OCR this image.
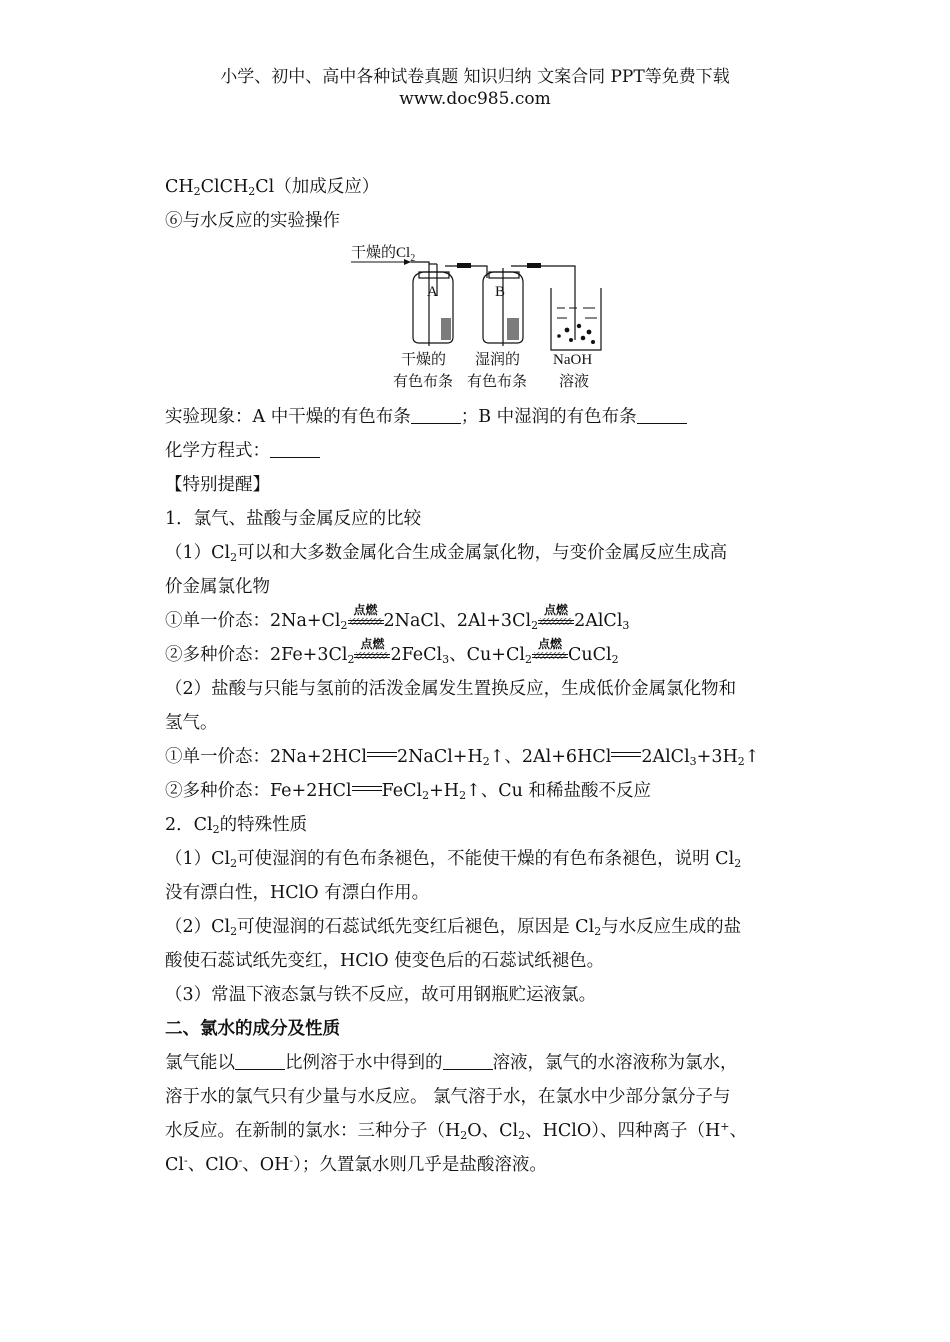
小学、初中、高中各种试卷真题 知识归纳 文案合同 PPT等免费下载
www.doc985.com
$CH_2ClCH_2Cl$（加成反应）
⑥与水反应的实验操作
干燥的$Cl_2$
A	B
干燥的
有色布条
湿润的
有色布条
NaOH
溶液
实验现象：A 中干燥的有色布条	；B 中湿润的有色布条
化学方程式：
【特别提醒】
1．氯气、盐酸与金属反应的比较
$(1)Cl_2$可以和大多数金属化合生成金属氯化物，与变价金属反应生成高
价金属氯化物
①单一价态：$2Na+Cl_2$
点燃
2NaCl、$2Al+3Cl_2$
点燃
2AlCl$_3$
②多种价态：$2Fe+3Cl_2$
点燃
2FeCl$_3$、$Cu+Cl_2$
点燃
CuCl$_2$
（2）盐酸与只能与氢前的活泼金属发生置换反应，生成低价金属氯化物和
氢气。
①单一价态：2Na+2HCl $2NaCl+H_2↑$、2Al+6HCl $2AlCl_3+3H_2↑$
②多种价态：Fe+2HCl $FeCl_2+H_2↑$、Cu 和稀盐酸不反应
2．$Cl_2$的特殊性质
$(1)Cl_2$可使湿润的有色布条褪色，不能使干燥的有色布条褪色，说明 $Cl_2$
没有漂白性，HClO 有漂白作用。
$(2)Cl_2$可使湿润的石蕊试纸先变红后褪色，原因是 $Cl_2$与水反应生成的盐
酸使石蕊试纸先变红，HClO 使变色后的石蕊试纸褪色。
（3）常温下液态氯与铁不反应，故可用钢瓶贮运液氯。
二、氯水的成分及性质
氯气能以	比例溶于水中得到的	溶液，氯气的水溶液称为氯水，
溶于水的氯气只有少量与水反应。 氯气溶于水，在氯水中少部分氯分子与
水反应。在新制的氯水：三种分子（$H_2O$、$Cl_2$、HClO）、四种离子（H+、
Cl-、ClO-、OH-）；久置氯水则几乎是盐酸溶液。
